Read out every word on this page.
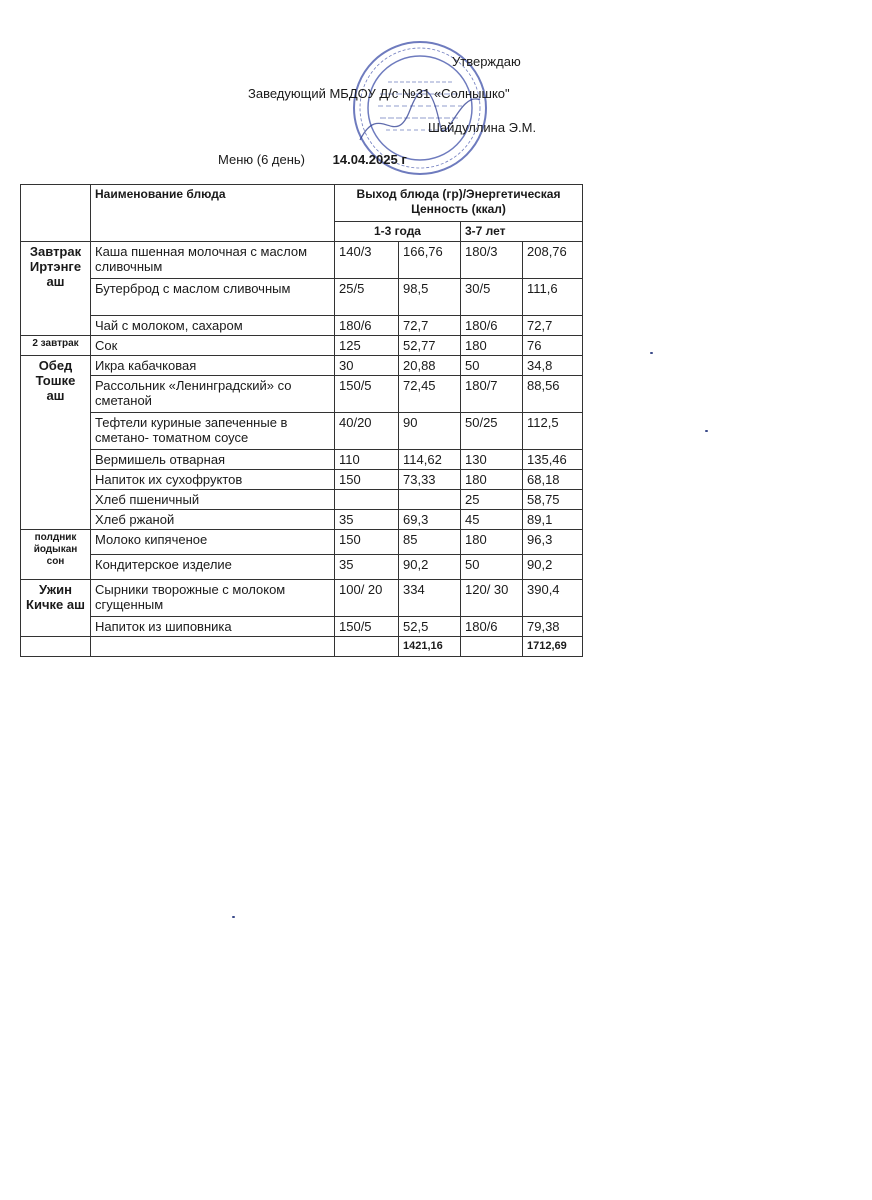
Утверждаю
Заведующий МБДОУ Д/с №31 «Солнышко"
Шайдуллина Э.М.
Меню (6 день) 14.04.2025 г
	Наименование блюда	Выход блюда (гр)/Энергетическая Ценность (ккал)			
		1-3 года		3-7 лет	
Завтрак Иртэнге аш	Каша пшенная молочная с маслом сливочным	140/3	166,76	180/3	208,76
	Бутерброд с маслом сливочным	25/5	98,5	30/5	111,6
	Чай с молоком, сахаром	180/6	72,7	180/6	72,7
2 завтрак	Сок	125	52,77	180	76
Обед Тошке аш	Икра кабачковая	30	20,88	50	34,8
	Рассольник «Ленинградский» со сметаной	150/5	72,45	180/7	88,56
	Тефтели куриные запеченные в сметано- томатном соусе	40/20	90	50/25	112,5
	Вермишель отварная	110	114,62	130	135,46
	Напиток их сухофруктов	150	73,33	180	68,18
	Хлеб пшеничный			25	58,75
	Хлеб ржаной	35	69,3	45	89,1
полдник йодыкан сон	Молоко кипяченое	150	85	180	96,3
	Кондитерское изделие	35	90,2	50	90,2
Ужин Кичке аш	Сырники творожные с молоком сгущенным	100/ 20	334	120/ 30	390,4
	Напиток из шиповника	150/5	52,5	180/6	79,38
			1421,16		1712,69
